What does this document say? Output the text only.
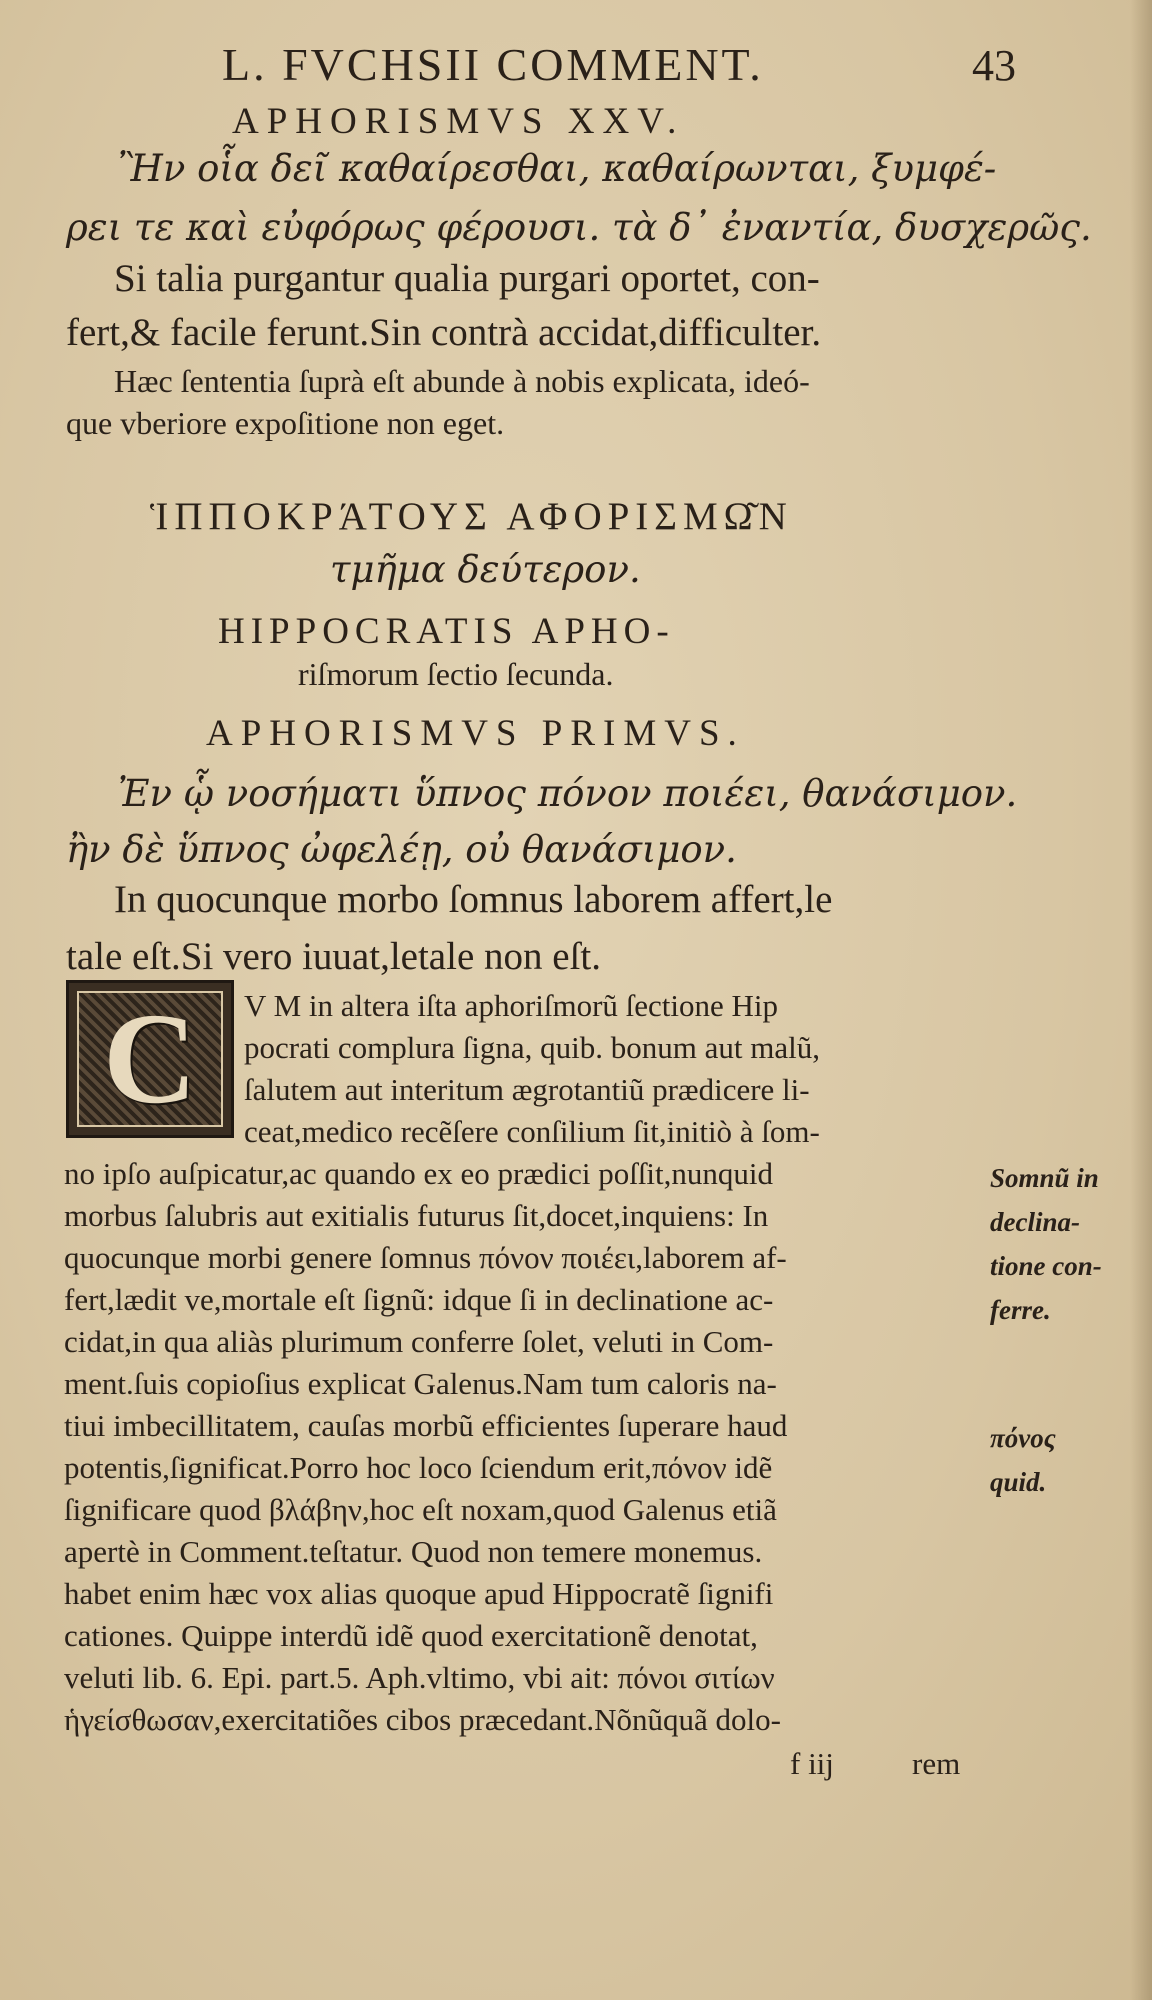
L. FVCHSII COMMENT.	43
APHORISMVS XXV.
Ἢν οἷα δεῖ καθαίρεσθαι, καθαίρωνται, ξυμφέ-
ρει τε καὶ εὐφόρως φέρουσι. τὰ δ᾽ ἐναντία, δυσχερῶς.
Si talia purgantur qualia purgari oportet, con-
fert,& facile ferunt.Sin contrà accidat,difficulter.
Hæc ſententia ſuprà eſt abunde à nobis explicata, ideó-
que vberiore expoſitione non eget.
ἹΠΠΟΚΡΆΤΟΥΣ ΑΦΟΡΙΣΜΩ͂Ν
τμῆμα δεύτερον.
HIPPOCRATIS APHO-
riſmorum ſectio ſecunda.
APHORISMVS PRIMVS.
Ἐν ᾧ νοσήματι ὕπνος πόνον ποιέει, θανάσιμον.
ἢν δὲ ὕπνος ὠφελέῃ, οὐ θανάσιμον.
In quocunque morbo ſomnus laborem affert,le
tale eſt.Si vero iuuat,letale non eſt.
C	V M in altera iſta aphoriſmorũ ſectione Hip
pocrati complura ſigna, quib. bonum aut malũ,
ſalutem aut interitum ægrotantiũ prædicere li-
ceat,medico recẽſere conſilium ſit,initiò à ſom-
no ipſo auſpicatur,ac quando ex eo prædici poſſit,nunquid
morbus ſalubris aut exitialis futurus ſit,docet,inquiens: In
quocunque morbi genere ſomnus πόνον ποιέει,laborem af-
fert,lædit ve,mortale eſt ſignũ: idque ſi in declinatione ac-
cidat,in qua aliàs plurimum conferre ſolet, veluti in Com-
ment.ſuis copioſius explicat Galenus.Nam tum caloris na-
tiui imbecillitatem, cauſas morbũ efficientes ſuperare haud
potentis,ſignificat.Porro hoc loco ſciendum erit,πόνον idẽ
ſignificare quod βλάβην,hoc eſt noxam,quod Galenus etiã
apertè in Comment.teſtatur. Quod non temere monemus.
habet enim hæc vox alias quoque apud Hippocratẽ ſignifi
cationes. Quippe interdũ idẽ quod exercitationẽ denotat,
veluti lib. 6. Epi. part.5. Aph.vltimo, vbi ait: πόνοι σιτίων
ἡγείσθωσαν,exercitatiões cibos præcedant.Nõnũquã dolo-
Somnũ in
declina-
tione con-
ferre.
πόνος
quid.
f iij	rem
